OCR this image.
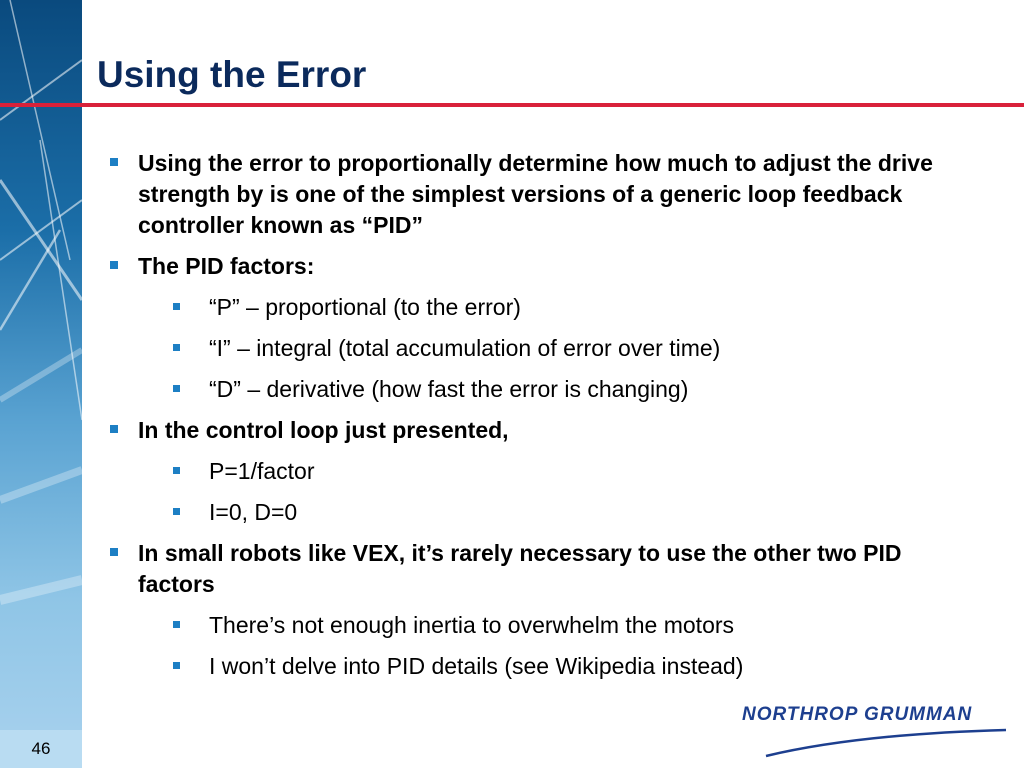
46
Using the Error
Using the error to proportionally determine how much to adjust the drive strength by is one of the simplest versions of a generic loop feedback controller known as “PID”
The PID factors:
“P” – proportional (to the error)
“I” – integral (total accumulation of error over time)
“D” – derivative (how fast the error is changing)
In the control loop just presented,
P=1/factor
I=0, D=0
In small robots like VEX, it’s rarely necessary to use the other two PID factors
There’s not enough inertia to overwhelm the motors
I won’t delve into PID details (see Wikipedia instead)
NORTHROP GRUMMAN
